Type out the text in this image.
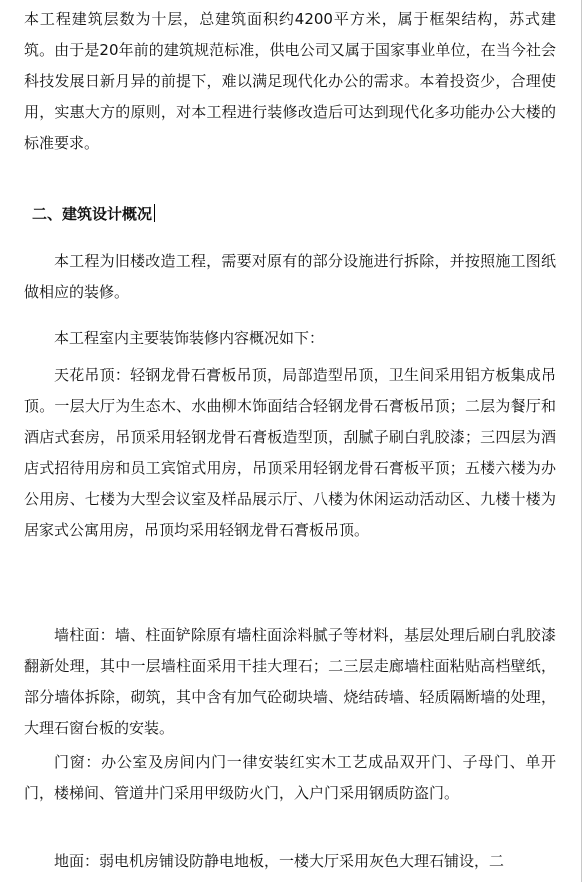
本工程建筑层数为十层，总建筑面积约4200平方米，属于框架结构，苏式建筑。由于是20年前的建筑规范标准，供电公司又属于国家事业单位，在当今社会科技发展日新月异的前提下，难以满足现代化办公的需求。本着投资少，合理使用，实惠大方的原则，对本工程进行装修改造后可达到现代化多功能办公大楼的标准要求。

二、建筑设计概况

本工程为旧楼改造工程，需要对原有的部分设施进行拆除，并按照施工图纸做相应的装修。

本工程室内主要装饰装修内容概况如下：

天花吊顶：轻钢龙骨石膏板吊顶，局部造型吊顶，卫生间采用铝方板集成吊顶。一层大厅为生态木、水曲柳木饰面结合轻钢龙骨石膏板吊顶；二层为餐厅和酒店式套房，吊顶采用轻钢龙骨石膏板造型顶，刮腻子刷白乳胶漆；三四层为酒店式招待用房和员工宾馆式用房，吊顶采用轻钢龙骨石膏板平顶；五楼六楼为办公用房、七楼为大型会议室及样品展示厅、八楼为休闲运动活动区、九楼十楼为居家式公寓用房，吊顶均采用轻钢龙骨石膏板吊顶。

墙柱面：墙、柱面铲除原有墙柱面涂料腻子等材料，基层处理后刷白乳胶漆翻新处理，其中一层墙柱面采用干挂大理石；二三层走廊墙柱面粘贴高档壁纸，部分墙体拆除，砌筑，其中含有加气砼砌块墙、烧结砖墙、轻质隔断墙的处理，大理石窗台板的安装。

门窗：办公室及房间内门一律安装红实木工艺成品双开门、子母门、单开门，楼梯间、管道井门采用甲级防火门，入户门采用钢质防盗门。

地面：弱电机房铺设防静电地板，一楼大厅采用灰色大理石铺设，二
